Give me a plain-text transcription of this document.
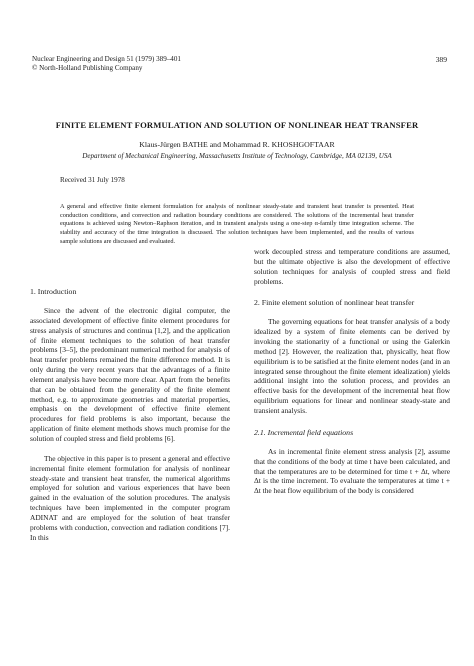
Nuclear Engineering and Design 51 (1979) 389–401
© North-Holland Publishing Company
389
FINITE ELEMENT FORMULATION AND SOLUTION OF NONLINEAR HEAT TRANSFER
Klaus-Jürgen BATHE and Mohammad R. KHOSHGOFTAAR
Department of Mechanical Engineering, Massachusetts Institute of Technology, Cambridge, MA 02139, USA
Received 31 July 1978

A general and effective finite element formulation for analysis of nonlinear steady-state and transient heat transfer is presented. Heat conduction conditions, and convection and radiation boundary conditions are considered. The solutions of the incremental heat transfer equations is achieved using Newton–Raphson iteration, and in transient analysis using a one-step α-family time integration scheme. The stability and accuracy of the time integration is discussed. The solution techniques have been implemented, and the results of various sample solutions are discussed and evaluated.

1. Introduction

Since the advent of the electronic digital computer, the associated development of effective finite element procedures for stress analysis of structures and continua [1,2], and the application of finite element techniques to the solution of heat transfer problems [3–5], the predominant numerical method for analysis of heat transfer problems remained the finite difference method. It is only during the very recent years that the advantages of a finite element analysis have become more clear. Apart from the benefits that can be obtained from the generality of the finite element method, e.g. to approximate geometries and material properties, emphasis on the development of effective finite element procedures for field problems is also important, because the application of finite element methods shows much promise for the solution of coupled stress and field problems [6].

The objective in this paper is to present a general and effective incremental finite element formulation for analysis of nonlinear steady-state and transient heat transfer, the numerical algorithms employed for solution and various experiences that have been gained in the evaluation of the solution procedures. The analysis techniques have been implemented in the computer program ADINAT and are employed for the solution of heat transfer problems with conduction, convection and radiation conditions [7]. In this

work decoupled stress and temperature conditions are assumed, but the ultimate objective is also the development of effective solution techniques for analysis of coupled stress and field problems.

2. Finite element solution of nonlinear heat transfer

The governing equations for heat transfer analysis of a body idealized by a system of finite elements can be derived by invoking the stationarity of a functional or using the Galerkin method [2]. However, the realization that, physically, heat flow equilibrium is to be satisfied at the finite element nodes (and in an integrated sense throughout the finite element idealization) yields additional insight into the solution process, and provides an effective basis for the development of the incremental heat flow equilibrium equations for linear and nonlinear steady-state and transient analysis.

2.1. Incremental field equations

As in incremental finite element stress analysis [2], assume that the conditions of the body at time t have been calculated, and that the temperatures are to be determined for time t + Δt, where Δt is the time increment. To evaluate the temperatures at time t + Δt the heat flow equilibrium of the body is considered
